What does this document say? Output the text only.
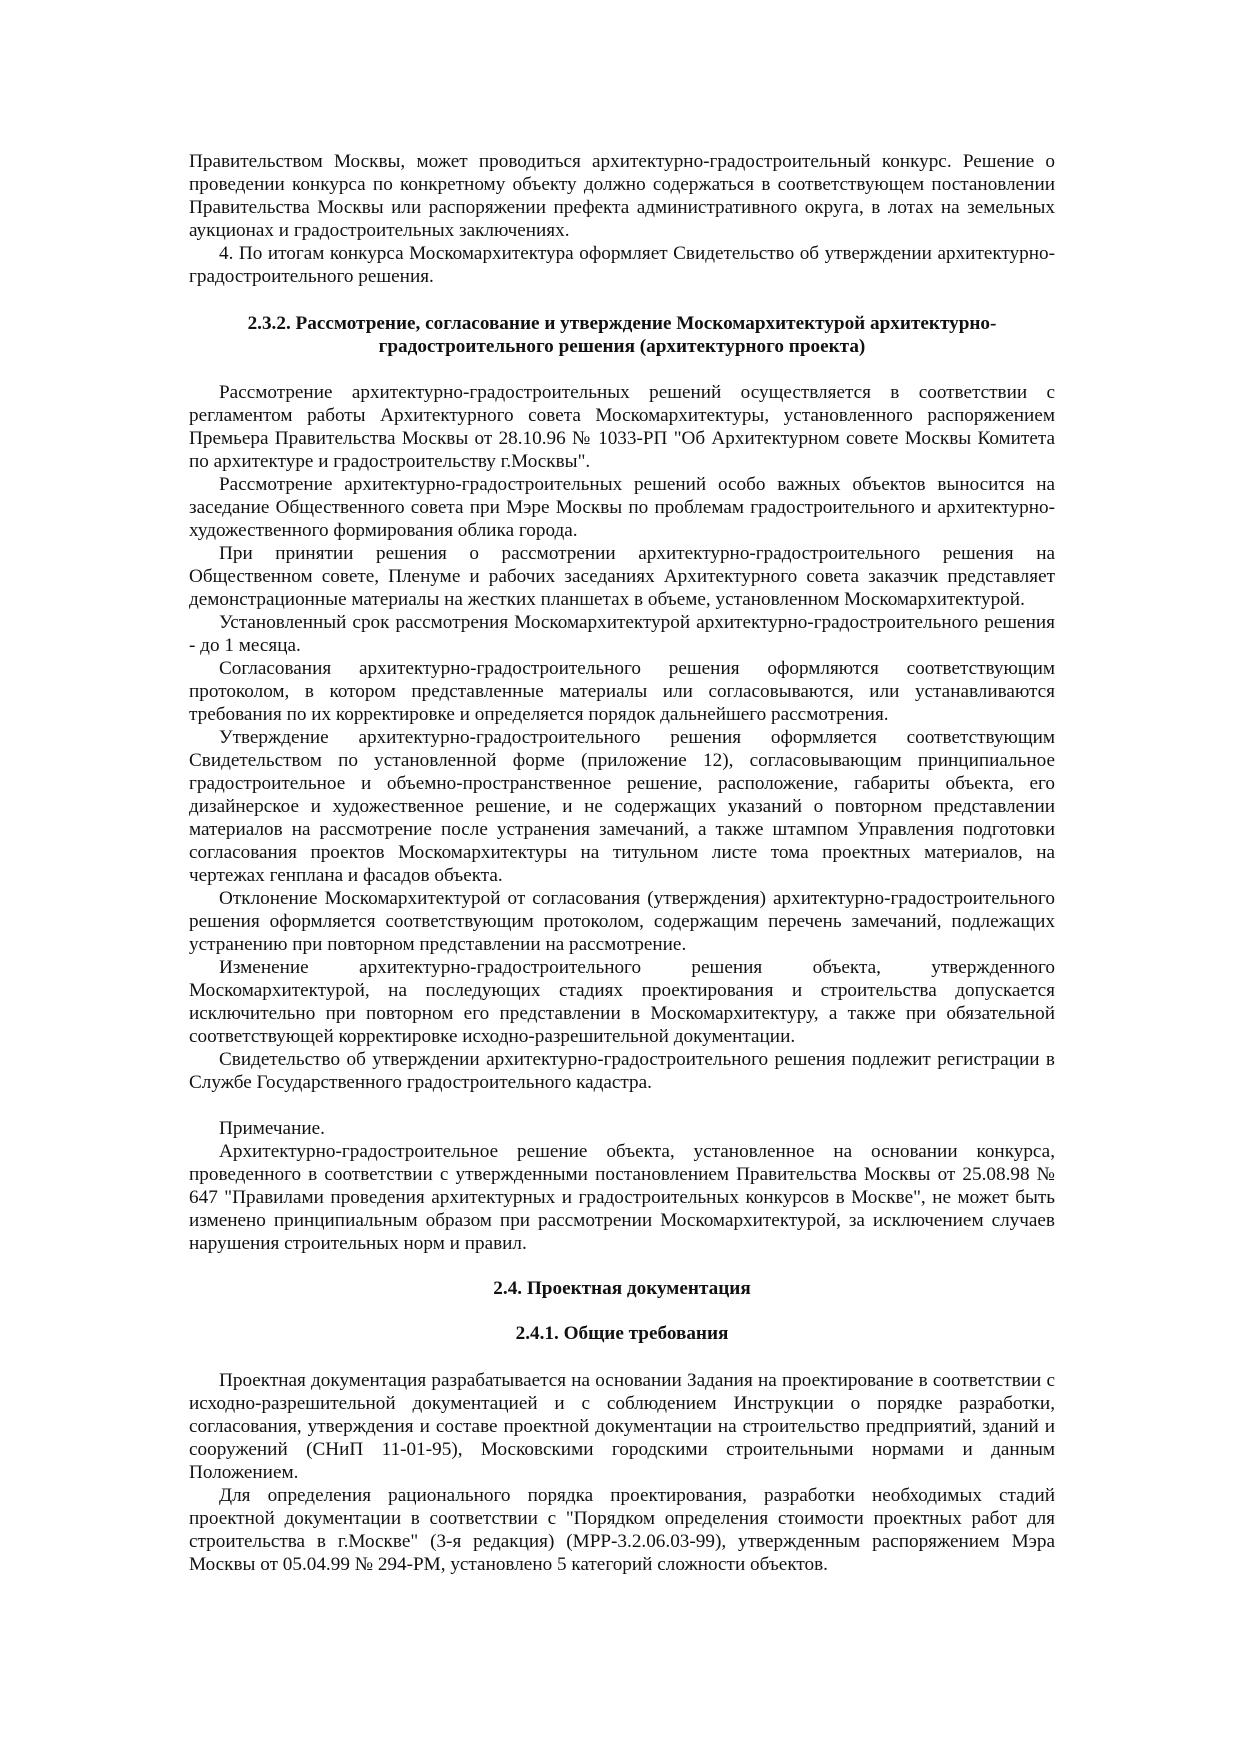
Правительством Москвы, может проводиться архитектурно-градостроительный конкурс. Решение о проведении конкурса по конкретному объекту должно содержаться в соответствующем постановлении Правительства Москвы или распоряжении префекта административного округа, в лотах на земельных аукционах и градостроительных заключениях.

4. По итогам конкурса Москомархитектура оформляет Свидетельство об утверждении архитектурно-градостроительного решения.

2.3.2. Рассмотрение, согласование и утверждение Москомархитектурой архитектурно-градостроительного решения (архитектурного проекта)

Рассмотрение архитектурно-градостроительных решений осуществляется в соответствии с регламентом работы Архитектурного совета Москомархитектуры, установленного распоряжением Премьера Правительства Москвы от 28.10.96 № 1033-РП "Об Архитектурном совете Москвы Комитета по архитектуре и градостроительству г.Москвы".

Рассмотрение архитектурно-градостроительных решений особо важных объектов выносится на заседание Общественного совета при Мэре Москвы по проблемам градостроительного и архитектурно-художественного формирования облика города.

При принятии решения о рассмотрении архитектурно-градостроительного решения на Общественном совете, Пленуме и рабочих заседаниях Архитектурного совета заказчик представляет демонстрационные материалы на жестких планшетах в объеме, установленном Москомархитектурой.

Установленный срок рассмотрения Москомархитектурой архитектурно-градостроительного решения - до 1 месяца.

Согласования архитектурно-градостроительного решения оформляются соответствующим протоколом, в котором представленные материалы или согласовываются, или устанавливаются требования по их корректировке и определяется порядок дальнейшего рассмотрения.

Утверждение архитектурно-градостроительного решения оформляется соответствующим Свидетельством по установленной форме (приложение 12), согласовывающим принципиальное градостроительное и объемно-пространственное решение, расположение, габариты объекта, его дизайнерское и художественное решение, и не содержащих указаний о повторном представлении материалов на рассмотрение после устранения замечаний, а также штампом Управления подготовки согласования проектов Москомархитектуры на титульном листе тома проектных материалов, на чертежах генплана и фасадов объекта.

Отклонение Москомархитектурой от согласования (утверждения) архитектурно-градостроительного решения оформляется соответствующим протоколом, содержащим перечень замечаний, подлежащих устранению при повторном представлении на рассмотрение.

Изменение архитектурно-градостроительного решения объекта, утвержденного Москомархитектурой, на последующих стадиях проектирования и строительства допускается исключительно при повторном его представлении в Москомархитектуру, а также при обязательной соответствующей корректировке исходно-разрешительной документации.

Свидетельство об утверждении архитектурно-градостроительного решения подлежит регистрации в Службе Государственного градостроительного кадастра.

Примечание.

Архитектурно-градостроительное решение объекта, установленное на основании конкурса, проведенного в соответствии с утвержденными постановлением Правительства Москвы от 25.08.98 № 647 "Правилами проведения архитектурных и градостроительных конкурсов в Москве", не может быть изменено принципиальным образом при рассмотрении Москомархитектурой, за исключением случаев нарушения строительных норм и правил.

2.4. Проектная документация

2.4.1. Общие требования

Проектная документация разрабатывается на основании Задания на проектирование в соответствии с исходно-разрешительной документацией и с соблюдением Инструкции о порядке разработки, согласования, утверждения и составе проектной документации на строительство предприятий, зданий и сооружений (СНиП 11-01-95), Московскими городскими строительными нормами и данным Положением.

Для определения рационального порядка проектирования, разработки необходимых стадий проектной документации в соответствии с "Порядком определения стоимости проектных работ для строительства в г.Москве" (3-я редакция) (МРР-3.2.06.03-99), утвержденным распоряжением Мэра Москвы от 05.04.99 № 294-РМ, установлено 5 категорий сложности объектов.
